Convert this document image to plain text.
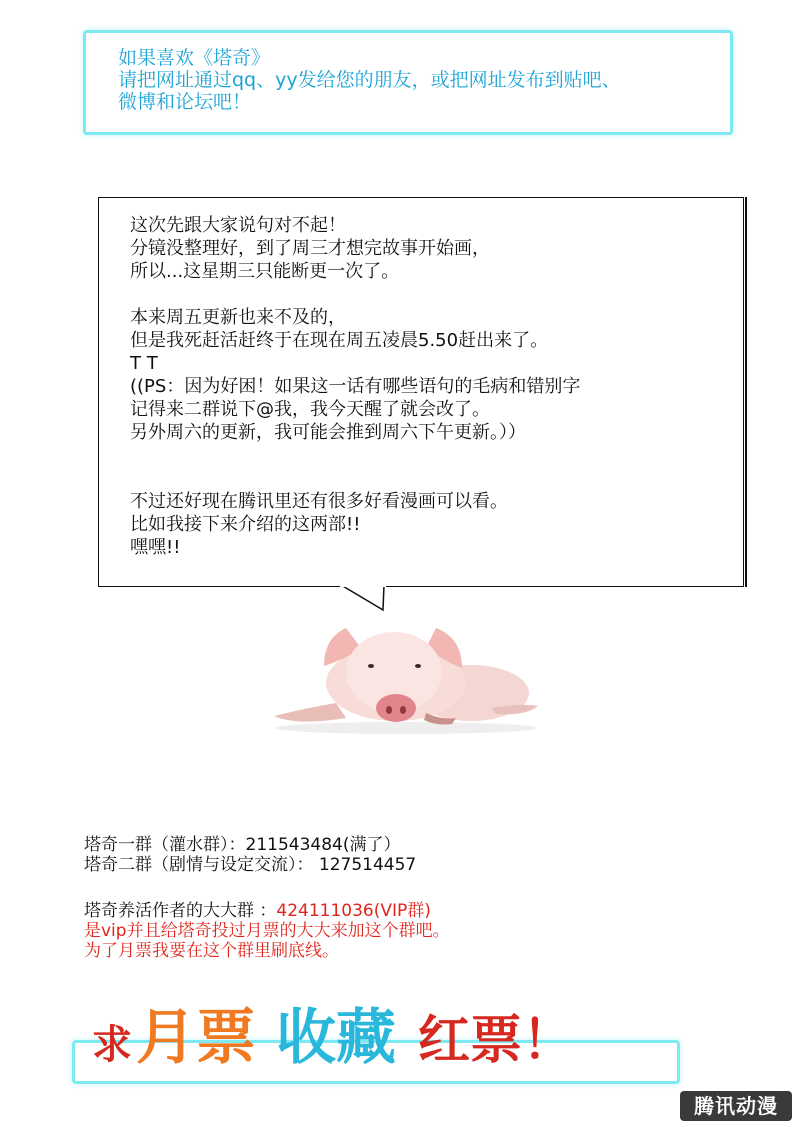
如果喜欢《塔奇》
请把网址通过qq、yy发给您的朋友，或把网址发布到贴吧、
微博和论坛吧！
这次先跟大家说句对不起！
分镜没整理好，到了周三才想完故事开始画，
所以...这星期三只能断更一次了。
本来周五更新也来不及的，
但是我死赶活赶终于在现在周五凌晨5.50赶出来了。
T T
((PS：因为好困！如果这一话有哪些语句的毛病和错别字
记得来二群说下@我，我今天醒了就会改了。
另外周六的更新，我可能会推到周六下午更新。））
不过还好现在腾讯里还有很多好看漫画可以看。
比如我接下来介绍的这两部!!
嘿嘿!!
塔奇一群（灌水群）：211543484(满了）
塔奇二群（剧情与设定交流）： 127514457
塔奇养活作者的大大群 ：424111036(VIP群)
是vip并且给塔奇投过月票的大大来加这个群吧。
为了月票我要在这个群里刷底线。
求月票 收藏 红票！
腾讯动漫
